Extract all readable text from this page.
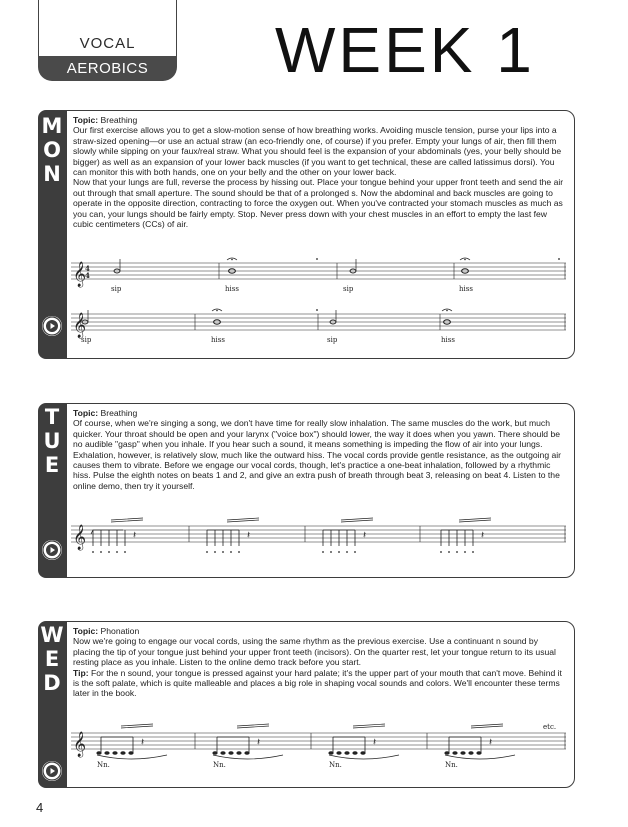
VOCAL
AEROBICS	WEEK 1
M
O
N

Topic: Breathing

Our first exercise allows you to get a slow-motion sense of how breathing works. Avoiding muscle tension, purse your lips into a straw-sized opening—or use an actual straw (an eco-friendly one, of course) if you prefer. Empty your lungs of air, then fill them slowly while sipping on your faux/real straw. What you should feel is the expansion of your abdominals (yes, your belly should be bigger) as well as an expansion of your lower back muscles (if you want to get technical, these are called latissimus dorsi). You can monitor this with both hands, one on your belly and the other on your lower back.

Now that your lungs are full, reverse the process by hissing out. Place your tongue behind your upper front teeth and send the air out through that small aperture. The sound should be that of a prolonged s. Now the abdominal and back muscles are going to operate in the opposite direction, contracting to force the oxygen out. When you've contracted your stomach muscles as much as you can, your lungs should be fairly empty. Stop. Never press down with your chest muscles in an effort to empty the last few cubic centimeters (CCs) of air.

𝄞
4
4
sip	hiss	sip	hiss
𝄞
sip	hiss	sip	hiss
T
U
E

Topic: Breathing

Of course, when we're singing a song, we don't have time for really slow inhalation. The same muscles do the work, but much quicker. Your throat should be open and your larynx ("voice box") should lower, the way it does when you yawn. There should be no audible "gasp" when you inhale. If you hear such a sound, it means something is impeding the flow of air into your lungs.

Exhalation, however, is relatively slow, much like the outward hiss. The vocal cords provide gentle resistance, as the outgoing air causes them to vibrate. Before we engage our vocal cords, though, let's practice a one-beat inhalation, followed by a rhythmic hiss. Pulse the eighth notes on beats 1 and 2, and give an extra push of breath through beat 3, releasing on beat 4. Listen to the online demo, then try it yourself.

𝄞	𝄽	𝄽	𝄽	𝄽
W
E
D

Topic: Phonation

Now we're going to engage our vocal cords, using the same rhythm as the previous exercise. Use a continuant n sound by placing the tip of your tongue just behind your upper front teeth (incisors). On the quarter rest, let your tongue return to its usual resting place as you inhale. Listen to the online demo track before you start.

Tip: For the n sound, your tongue is pressed against your hard palate; it's the upper part of your mouth that can't move. Behind it is the soft palate, which is quite malleable and places a big role in shaping vocal sounds and colors. We'll encounter these terms later in the book.

𝄞	𝄽	𝄽	𝄽	𝄽
etc.
Nn.	Nn.	Nn.	Nn.
4
